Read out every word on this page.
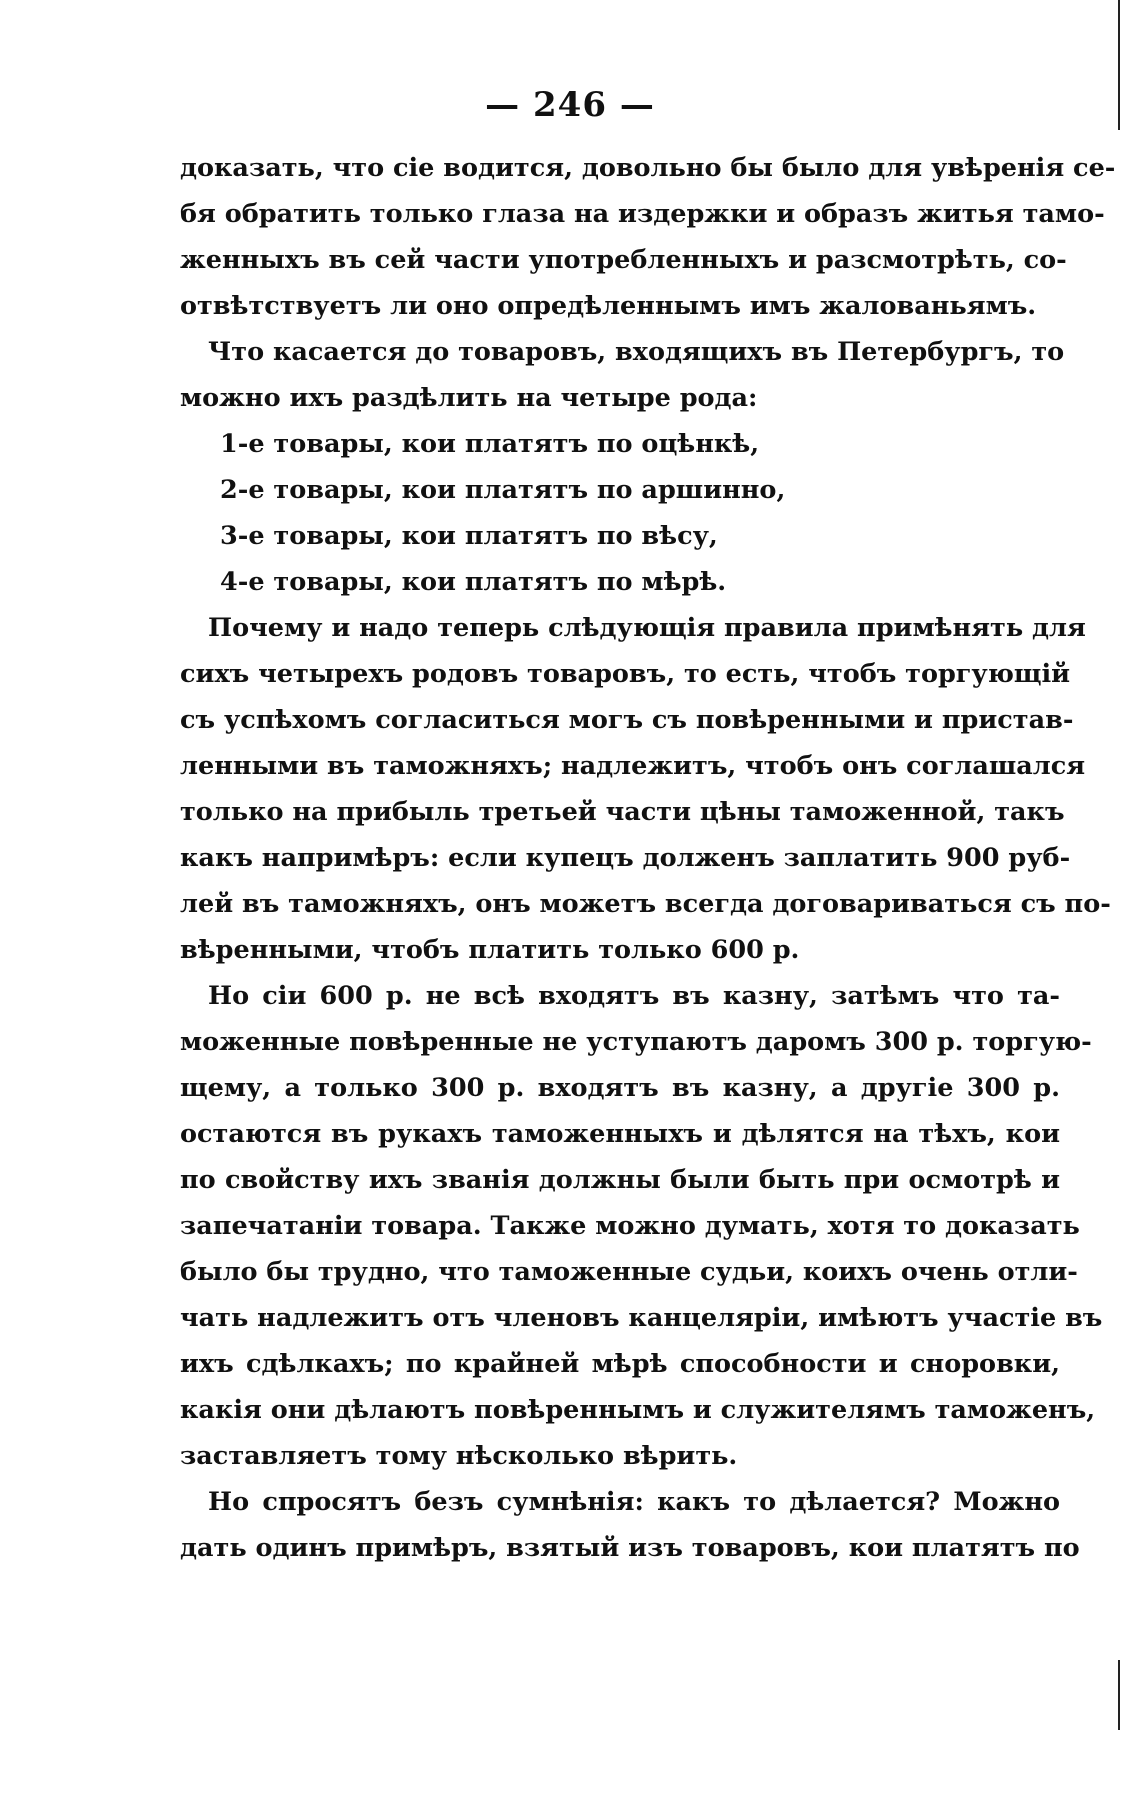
— 246 —
доказать, что сіе водится, довольно бы было для увѣренія се-
бя обратить только глаза на издержки и образъ житья тамо-
женныхъ въ сей части употребленныхъ и разсмотрѣть, со-
отвѣтствуетъ ли оно опредѣленнымъ имъ жалованьямъ.
Что касается до товаровъ, входящихъ въ Петербургъ, то
можно ихъ раздѣлить на четыре рода:
1-е товары, кои платятъ по оцѣнкѣ,
2-е товары, кои платятъ по аршинно,
3-е товары, кои платятъ по вѣсу,
4-е товары, кои платятъ по мѣрѣ.
Почему и надо теперь слѣдующія правила примѣнять для
сихъ четырехъ родовъ товаровъ, то есть, чтобъ торгующій
съ успѣхомъ согласиться могъ съ повѣренными и пристав-
ленными въ таможняхъ; надлежитъ, чтобъ онъ соглашался
только на прибыль третьей части цѣны таможенной, такъ
какъ напримѣръ: если купецъ долженъ заплатить 900 руб-
лей въ таможняхъ, онъ можетъ всегда договариваться съ по-
вѣренными, чтобъ платить только 600 р.
Но сіи 600 р. не всѣ входятъ въ казну, затѣмъ что та-
моженные повѣренные не уступаютъ даромъ 300 р. торгую-
щему, а только 300 р. входятъ въ казну, а другіе 300 р.
остаются въ рукахъ таможенныхъ и дѣлятся на тѣхъ, кои
по свойству ихъ званія должны были быть при осмотрѣ и
запечатаніи товара. Также можно думать, хотя то доказать
было бы трудно, что таможенные судьи, коихъ очень отли-
чать надлежитъ отъ членовъ канцеляріи, имѣютъ участіе въ
ихъ сдѣлкахъ; по крайней мѣрѣ способности и сноровки,
какія они дѣлаютъ повѣреннымъ и служителямъ таможенъ,
заставляетъ тому нѣсколько вѣрить.
Но спросятъ безъ сумнѣнія: какъ то дѣлается? Можно
дать одинъ примѣръ, взятый изъ товаровъ, кои платятъ по
